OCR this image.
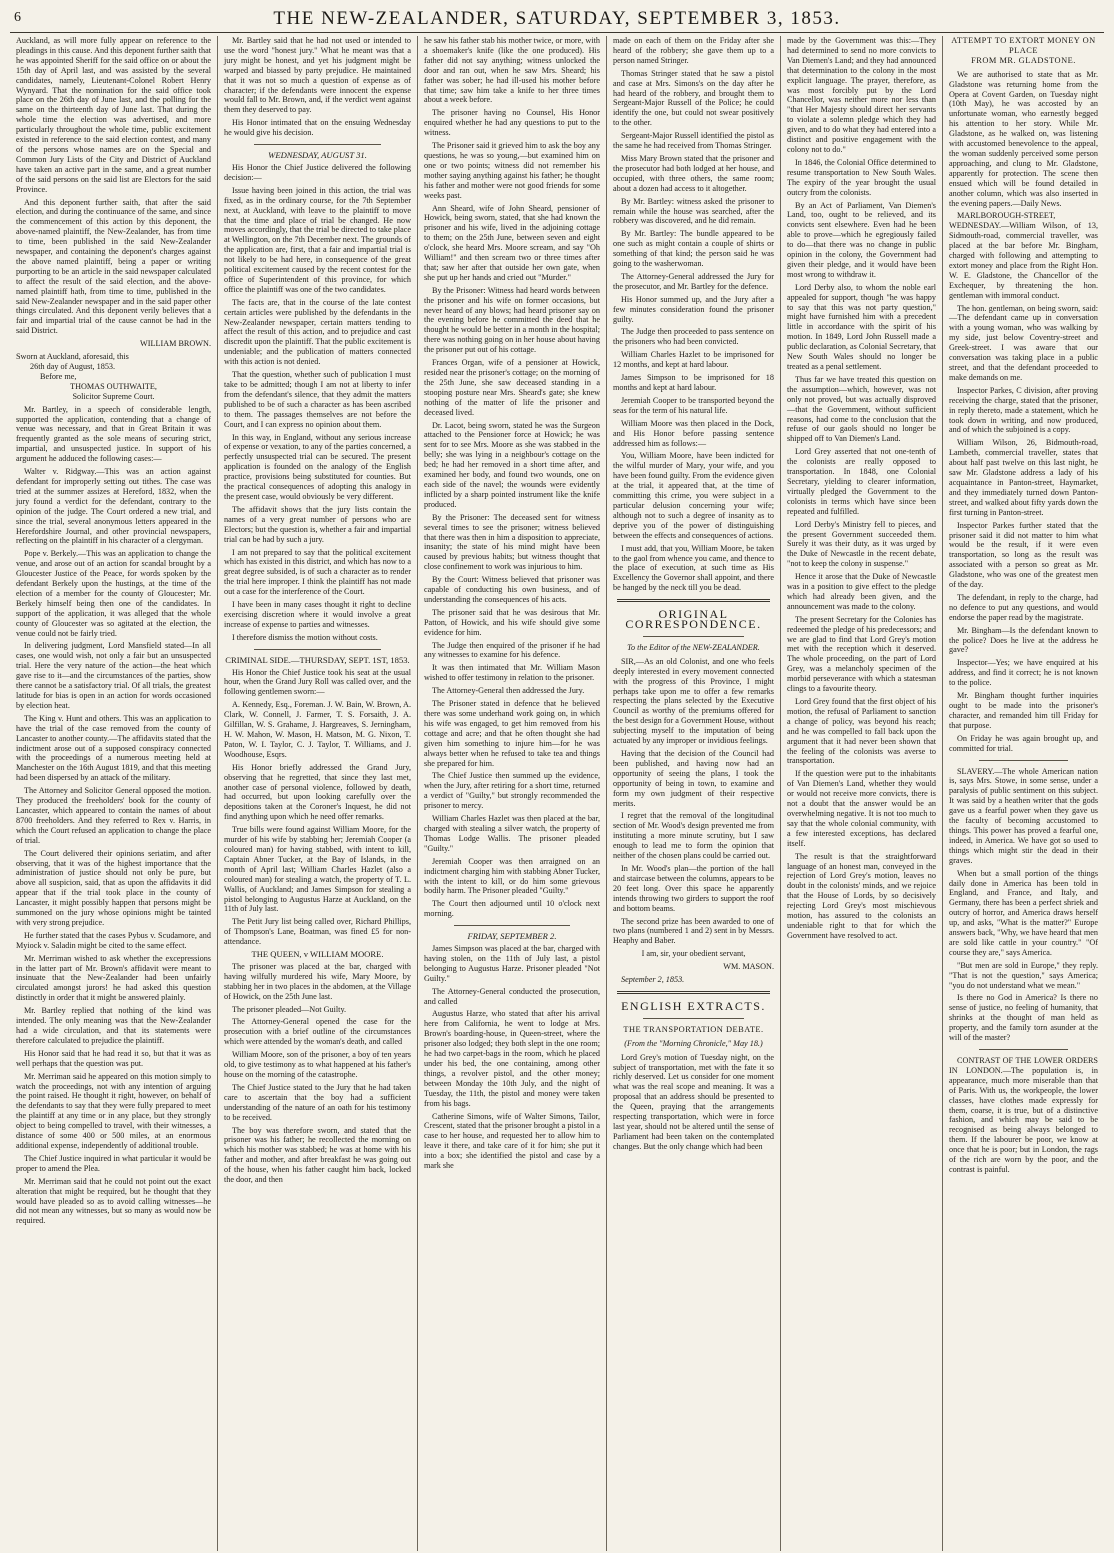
6	THE NEW-ZEALANDER, SATURDAY, SEPTEMBER 3, 1853.

Auckland, as will more fully appear on reference to the pleadings in this cause. And this deponent further saith that he was appointed Sheriff for the said office on or about the 15th day of April last, and was assisted by the several candidates, namely, Lieutenant-Colonel Robert Henry Wynyard. That the nomination for the said office took place on the 26th day of June last, and the polling for the same on the thirteenth day of June last. That during the whole time the election was advertised, and more particularly throughout the whole time, public excitement existed in reference to the said election contest, and many of the persons whose names are on the Special and Common Jury Lists of the City and District of Auckland have taken an active part in the same, and a great number of the said persons on the said list are Electors for the said Province.

And this deponent further saith, that after the said election, and during the continuance of the same, and since the commencement of this action by this deponent, the above-named plaintiff, the New-Zealander, has from time to time, been published in the said New-Zealander newspaper, and containing the deponent's charges against the above named plaintiff, being a paper or writing purporting to be an article in the said newspaper calculated to affect the result of the said election, and the above-named plaintiff hath, from time to time, published in the said New-Zealander newspaper and in the said paper other things circulated. And this deponent verily believes that a fair and impartial trial of the cause cannot be had in the said District.

WILLIAM BROWN.

Sworn at Auckland, aforesaid, this

26th day of August, 1853.

Before me,

THOMAS OUTHWAITE,

Solicitor Supreme Court.

Mr. Bartley, in a speech of considerable length, supported the application, contending that a change of venue was necessary, and that in Great Britain it was frequently granted as the sole means of securing strict, impartial, and unsuspected justice. In support of his argument he adduced the following cases:—

Walter v. Ridgway.—This was an action against defendant for improperly setting out tithes. The case was tried at the summer assizes at Hereford, 1832, when the jury found a verdict for the defendant, contrary to the opinion of the judge. The Court ordered a new trial, and since the trial, several anonymous letters appeared in the Herefordshire Journal, and other provincial newspapers, reflecting on the plaintiff in his character of a clergyman.

Pope v. Berkely.—This was an application to change the venue, and arose out of an action for scandal brought by a Gloucester Justice of the Peace, for words spoken by the defendant Berkely upon the hustings, at the time of the election of a member for the county of Gloucester; Mr. Berkely himself being then one of the candidates. In support of the application, it was alleged that the whole county of Gloucester was so agitated at the election, the venue could not be fairly tried.

In delivering judgment, Lord Mansfield stated—In all cases, one would wish, not only a fair but an unsuspected trial. Here the very nature of the action—the heat which gave rise to it—and the circumstances of the parties, show there cannot be a satisfactory trial. Of all trials, the greatest latitude for bias is open in an action for words occasioned by election heat.

The King v. Hunt and others. This was an application to have the trial of the case removed from the county of Lancaster to another county.—The affidavits stated that the indictment arose out of a supposed conspiracy connected with the proceedings of a numerous meeting held at Manchester on the 16th August 1819, and that this meeting had been dispersed by an attack of the military.

The Attorney and Solicitor General opposed the motion. They produced the freeholders' book for the county of Lancaster, which appeared to contain the names of about 8700 freeholders. And they referred to Rex v. Harris, in which the Court refused an application to change the place of trial.

The Court delivered their opinions seriatim, and after observing, that it was of the highest importance that the administration of justice should not only be pure, but above all suspicion, said, that as upon the affidavits it did appear that if the trial took place in the county of Lancaster, it might possibly happen that persons might be summoned on the jury whose opinions might be tainted with very strong prejudice.

He further stated that the cases Pybus v. Scudamore, and Myiock v. Saladin might be cited to the same effect.

Mr. Merriman wished to ask whether the excepressions in the latter part of Mr. Brown's affidavit were meant to insinuate that the New-Zealander had been unfairly circulated amongst jurors! he had asked this question distinctly in order that it might be answered plainly.

Mr. Bartley replied that nothing of the kind was intended. The only meaning was that the New-Zealander had a wide circulation, and that its statements were therefore calculated to prejudice the plaintiff.

His Honor said that he had read it so, but that it was as well perhaps that the question was put.

Mr. Merriman said he appeared on this motion simply to watch the proceedings, not with any intention of arguing the point raised. He thought it right, however, on behalf of the defendants to say that they were fully prepared to meet the plaintiff at any time or in any place, but they strongly object to being compelled to travel, with their witnesses, a distance of some 400 or 500 miles, at an enormous additional expense, independently of additional trouble.

The Chief Justice inquired in what particular it would be proper to amend the Plea.

Mr. Merriman said that he could not point out the exact alteration that might be required, but he thought that they would have pleaded so as to avoid calling witnesses—he did not mean any witnesses, but so many as would now be required.

Mr. Bartley said that he had not used or intended to use the word "honest jury." What he meant was that a jury might be honest, and yet his judgment might be warped and biassed by party prejudice. He maintained that it was not so much a question of expense as of character; if the defendants were innocent the expense would fall to Mr. Brown, and, if the verdict went against them they deserved to pay.

His Honor intimated that on the ensuing Wednesday he would give his decision.

WEDNESDAY, AUGUST 31.

His Honor the Chief Justice delivered the following decision:—

Issue having been joined in this action, the trial was fixed, as in the ordinary course, for the 7th September next, at Auckland, with leave to the plaintiff to move that the time and place of trial be changed. He now moves accordingly, that the trial be directed to take place at Wellington, on the 7th December next. The grounds of the application are, first, that a fair and impartial trial is not likely to be had here, in consequence of the great political excitement caused by the recent contest for the office of Superintendent of this province, for which office the plaintiff was one of the two candidates.

The facts are, that in the course of the late contest certain articles were published by the defendants in the New-Zealander newspaper, certain matters tending to affect the result of this action, and to prejudice and cast discredit upon the plaintiff. That the public excitement is undeniable; and the publication of matters connected with this action is not denied.

That the question, whether such of publication I must take to be admitted; though I am not at liberty to infer from the defendant's silence, that they admit the matters published to be of such a character as has been ascribed to them. The passages themselves are not before the Court, and I can express no opinion about them.

In this way, in England, without any serious increase of expense or vexation, to any of the parties concerned, a perfectly unsuspected trial can be secured. The present application is founded on the analogy of the English practice, provisions being substituted for counties. But the practical consequences of adopting this analogy in the present case, would obviously be very different.

The affidavit shows that the jury lists contain the names of a very great number of persons who are Electors; but the question is, whether a fair and impartial trial can be had by such a jury.

I am not prepared to say that the political excitement which has existed in this district, and which has now to a great degree subsided, is of such a character as to render the trial here improper. I think the plaintiff has not made out a case for the interference of the Court.

I have been in many cases thought it right to decline exercising discretion where it would involve a great increase of expense to parties and witnesses.

I therefore dismiss the motion without costs.

CRIMINAL SIDE.—THURSDAY, SEPT. 1ST, 1853.

His Honor the Chief Justice took his seat at the usual hour, when the Grand Jury Roll was called over, and the following gentlemen sworn:—

A. Kennedy, Esq., Foreman. J. W. Bain, W. Brown, A. Clark, W. Connell, J. Farmer, T. S. Forsaith, J. A. Gilfillan, W. S. Grahame, J. Hargreaves, S. Jerningham, H. W. Mahon, W. Mason, H. Matson, M. G. Nixon, T. Paton, W. I. Taylor, C. J. Taylor, T. Williams, and J. Woodhouse, Esqrs.

His Honor briefly addressed the Grand Jury, observing that he regretted, that since they last met, another case of personal violence, followed by death, had occurred, but upon looking carefully over the depositions taken at the Coroner's Inquest, he did not find anything upon which he need offer remarks.

True bills were found against William Moore, for the murder of his wife by stabbing her; Jeremiah Cooper (a coloured man) for having stabbed, with intent to kill, Captain Abner Tucker, at the Bay of Islands, in the month of April last; William Charles Hazlet (also a coloured man) for stealing a watch, the property of T. L. Wallis, of Auckland; and James Simpson for stealing a pistol belonging to Augustus Harze at Auckland, on the 11th of July last.

The Petit Jury list being called over, Richard Phillips, of Thompson's Lane, Boatman, was fined £5 for non-attendance.

THE QUEEN, v WILLIAM MOORE.

The prisoner was placed at the bar, charged with having wilfully murdered his wife, Mary Moore, by stabbing her in two places in the abdomen, at the Village of Howick, on the 25th June last.

The prisoner pleaded—Not Guilty.

The Attorney-General opened the case for the prosecution with a brief outline of the circumstances which were attended by the woman's death, and called

William Moore, son of the prisoner, a boy of ten years old, to give testimony as to what happened at his father's house on the morning of the catastrophe.

The Chief Justice stated to the Jury that he had taken care to ascertain that the boy had a sufficient understanding of the nature of an oath for his testimony to be received.

The boy was therefore sworn, and stated that the prisoner was his father; he recollected the morning on which his mother was stabbed; he was at home with his father and mother, and after breakfast he was going out of the house, when his father caught him back, locked the door, and then

he saw his father stab his mother twice, or more, with a shoemaker's knife (like the one produced). His father did not say anything; witness unlocked the door and ran out, when he saw Mrs. Sheard; his father was sober; he had ill-used his mother before that time; saw him take a knife to her three times about a week before.

The prisoner having no Counsel, His Honor enquired whether he had any questions to put to the witness.

The Prisoner said it grieved him to ask the boy any questions, he was so young,—but examined him on one or two points; witness did not remember his mother saying anything against his father; he thought his father and mother were not good friends for some weeks past.

Ann Sheard, wife of John Sheard, pensioner of Howick, being sworn, stated, that she had known the prisoner and his wife, lived in the adjoining cottage to them; on the 25th June, between seven and eight o'clock, she heard Mrs. Moore scream, and say "Oh William!" and then scream two or three times after that; saw her after that outside her own gate, when she put up her hands and cried out "Murder."

By the Prisoner: Witness had heard words between the prisoner and his wife on former occasions, but never heard of any blows; had heard prisoner say on the evening before he committed the deed that he thought he would be better in a month in the hospital; there was nothing going on in her house about having the prisoner put out of his cottage.

Frances Organ, wife of a pensioner at Howick, resided near the prisoner's cottage; on the morning of the 25th June, she saw deceased standing in a stooping posture near Mrs. Sheard's gate; she knew nothing of the matter of life the prisoner and deceased lived.

Dr. Lacot, being sworn, stated he was the Surgeon attached to the Pensioner force at Howick; he was sent for to see Mrs. Moore as she was stabbed in the belly; she was lying in a neighbour's cottage on the bed; he had her removed in a short time after, and examined her body, and found two wounds, one on each side of the navel; the wounds were evidently inflicted by a sharp pointed instrument like the knife produced.

By the Prisoner: The deceased sent for witness several times to see the prisoner; witness believed that there was then in him a disposition to appreciate, insanity; the state of his mind might have been caused by previous habits; but witness thought that close confinement to work was injurious to him.

By the Court: Witness believed that prisoner was capable of conducting his own business, and of understanding the consequences of his acts.

The prisoner said that he was desirous that Mr. Patton, of Howick, and his wife should give some evidence for him.

The Judge then enquired of the prisoner if he had any witnesses to examine for his defence.

It was then intimated that Mr. William Mason wished to offer testimony in relation to the prisoner.

The Attorney-General then addressed the Jury.

The Prisoner stated in defence that he believed there was some underhand work going on, in which his wife was engaged, to get him removed from his cottage and acre; and that he often thought she had given him something to injure him—for he was always better when he refused to take tea and things she prepared for him.

The Chief Justice then summed up the evidence, when the Jury, after retiring for a short time, returned a verdict of "Guilty," but strongly recommended the prisoner to mercy.

William Charles Hazlet was then placed at the bar, charged with stealing a silver watch, the property of Thomas Lodge Wallis. The prisoner pleaded "Guilty."

Jeremiah Cooper was then arraigned on an indictment charging him with stabbing Abner Tucker, with the intent to kill, or do him some grievous bodily harm. The Prisoner pleaded "Guilty."

The Court then adjourned until 10 o'clock next morning.

FRIDAY, SEPTEMBER 2.

James Simpson was placed at the bar, charged with having stolen, on the 11th of July last, a pistol belonging to Augustus Harze. Prisoner pleaded "Not Guilty."

The Attorney-General conducted the prosecution, and called

Augustus Harze, who stated that after his arrival here from California, he went to lodge at Mrs. Brown's boarding-house, in Queen-street, where the prisoner also lodged; they both slept in the one room; he had two carpet-bags in the room, which he placed under his bed, the one containing, among other things, a revolver pistol, and the other money; between Monday the 10th July, and the night of Tuesday, the 11th, the pistol and money were taken from his bags.

Catherine Simons, wife of Walter Simons, Tailor, Crescent, stated that the prisoner brought a pistol in a case to her house, and requested her to allow him to leave it there, and take care of it for him; she put it into a box; she identified the pistol and case by a mark she

made on each of them on the Friday after she heard of the robbery; she gave them up to a person named Stringer.

Thomas Stringer stated that he saw a pistol and case at Mrs. Simons's on the day after he had heard of the robbery, and brought them to Sergeant-Major Russell of the Police; he could identify the one, but could not swear positively to the other.

Sergeant-Major Russell identified the pistol as the same he had received from Thomas Stringer.

Miss Mary Brown stated that the prisoner and the prosecutor had both lodged at her house, and occupied, with three others, the same room; about a dozen had access to it altogether.

By Mr. Bartley: witness asked the prisoner to remain while the house was searched, after the robbery was discovered, and he did remain.

By Mr. Bartley: The bundle appeared to be one such as might contain a couple of shirts or something of that kind; the person said he was going to the washerwoman.

The Attorney-General addressed the Jury for the prosecutor, and Mr. Bartley for the defence.

His Honor summed up, and the Jury after a few minutes consideration found the prisoner guilty.

The Judge then proceeded to pass sentence on the prisoners who had been convicted.

William Charles Hazlet to be imprisoned for 12 months, and kept at hard labour.

James Simpson to be imprisoned for 18 months and kept at hard labour.

Jeremiah Cooper to be transported beyond the seas for the term of his natural life.

William Moore was then placed in the Dock, and His Honor before passing sentence addressed him as follows:—

You, William Moore, have been indicted for the wilful murder of Mary, your wife, and you have been found guilty. From the evidence given at the trial, it appeared that, at the time of committing this crime, you were subject in a particular delusion concerning your wife; although not to such a degree of insanity as to deprive you of the power of distinguishing between the effects and consequences of actions.

I must add, that you, William Moore, be taken to the gaol from whence you came, and thence to the place of execution, at such time as His Excellency the Governor shall appoint, and there be hanged by the neck till you be dead.

ORIGINAL CORRESPONDENCE.

To the Editor of the NEW-ZEALANDER.

SIR,—As an old Colonist, and one who feels deeply interested in every movement connected with the progress of this Province, I might perhaps take upon me to offer a few remarks respecting the plans selected by the Executive Council as worthy of the premiums offered for the best design for a Government House, without subjecting myself to the imputation of being actuated by any improper or invidious feelings.

Having that the decision of the Council had been published, and having now had an opportunity of seeing the plans, I took the opportunity of being in town, to examine and form my own judgment of their respective merits.

I regret that the removal of the longitudinal section of Mr. Wood's design prevented me from instituting a more minute scrutiny, but I saw enough to lead me to form the opinion that neither of the chosen plans could be carried out.

In Mr. Wood's plan—the portion of the hall and staircase between the columns, appears to be 20 feet long. Over this space he apparently intends throwing two girders to support the roof and bottom beams.

The second prize has been awarded to one of two plans (numbered 1 and 2) sent in by Messrs. Heaphy and Baber.

I am, sir, your obedient servant,

WM. MASON.

September 2, 1853.

ENGLISH EXTRACTS.

THE TRANSPORTATION DEBATE.

(From the "Morning Chronicle," May 18.)

Lord Grey's motion of Tuesday night, on the subject of transportation, met with the fate it so richly deserved. Let us consider for one moment what was the real scope and meaning. It was a proposal that an address should be presented to the Queen, praying that the arrangements respecting transportation, which were in force last year, should not be altered until the sense of Parliament had been taken on the contemplated changes. But the only change which had been

made by the Government was this:—They had determined to send no more convicts to Van Diemen's Land; and they had announced that determination to the colony in the most explicit language. The prayer, therefore, as was most forcibly put by the Lord Chancellor, was neither more nor less than "that Her Majesty should direct her servants to violate a solemn pledge which they had given, and to do what they had entered into a distinct and positive engagement with the colony not to do."

In 1846, the Colonial Office determined to resume transportation to New South Wales. The expiry of the year brought the usual outcry from the colonists.

By an Act of Parliament, Van Diemen's Land, too, ought to be relieved, and its convicts sent elsewhere. Even had he been able to prove—which he egregiously failed to do—that there was no change in public opinion in the colony, the Government had given their pledge, and it would have been most wrong to withdraw it.

Lord Derby also, to whom the noble earl appealed for support, though "he was happy to say that this was not party question," might have furnished him with a precedent little in accordance with the spirit of his motion. In 1849, Lord John Russell made a public declaration, as Colonial Secretary, that New South Wales should no longer be treated as a penal settlement.

Thus far we have treated this question on the assumption—which, however, was not only not proved, but was actually disproved—that the Government, without sufficient reasons, had come to the conclusion that the refuse of our gaols should no longer be shipped off to Van Diemen's Land.

Lord Grey asserted that not one-tenth of the colonists are really opposed to transportation. In 1848, one Colonial Secretary, yielding to clearer information, virtually pledged the Government to the colonists in terms which have since been repeated and fulfilled.

Lord Derby's Ministry fell to pieces, and the present Government succeeded them. Surely it was their duty, as it was urged by the Duke of Newcastle in the recent debate, "not to keep the colony in suspense."

Hence it arose that the Duke of Newcastle was in a position to give effect to the pledge which had already been given, and the announcement was made to the colony.

The present Secretary for the Colonies has redeemed the pledge of his predecessors; and we are glad to find that Lord Grey's motion met with the reception which it deserved. The whole proceeding, on the part of Lord Grey, was a melancholy specimen of the morbid perseverance with which a statesman clings to a favourite theory.

Lord Grey found that the first object of his motion, the refusal of Parliament to sanction a change of policy, was beyond his reach; and he was compelled to fall back upon the argument that it had never been shown that the feeling of the colonists was averse to transportation.

If the question were put to the inhabitants of Van Diemen's Land, whether they would or would not receive more convicts, there is not a doubt that the answer would be an overwhelming negative. It is not too much to say that the whole colonial community, with a few interested exceptions, has declared itself.

The result is that the straightforward language of an honest man, conveyed in the rejection of Lord Grey's motion, leaves no doubt in the colonists' minds, and we rejoice that the House of Lords, by so decisively rejecting Lord Grey's most mischievous motion, has assured to the colonists an undeniable right to that for which the Government have resolved to act.

ATTEMPT TO EXTORT MONEY ON PLACE

FROM MR. GLADSTONE.

We are authorised to state that as Mr. Gladstone was returning home from the Opera at Covent Garden, on Tuesday night (10th May), he was accosted by an unfortunate woman, who earnestly begged his attention to her story. While Mr. Gladstone, as he walked on, was listening with accustomed benevolence to the appeal, the woman suddenly perceived some person approaching, and clung to Mr. Gladstone, apparently for protection. The scene then ensued which will be found detailed in another column, which was also inserted in the evening papers.—Daily News.

MARLBOROUGH-STREET, WEDNESDAY.—William Wilson, of 13, Sidmouth-road, commercial traveller, was placed at the bar before Mr. Bingham, charged with following and attempting to extort money and place from the Right Hon. W. E. Gladstone, the Chancellor of the Exchequer, by threatening the hon. gentleman with immoral conduct.

The hon. gentleman, on being sworn, said:—The defendant came up in conversation with a young woman, who was walking by my side, just below Coventry-street and Greek-street. I was aware that our conversation was taking place in a public street, and that the defendant proceeded to make demands on me.

Inspector Parkes, C division, after proving receiving the charge, stated that the prisoner, in reply thereto, made a statement, which he took down in writing, and now produced, and of which the subjoined is a copy.

William Wilson, 26, Bidmouth-road, Lambeth, commercial traveller, states that about half past twelve on this last night, he saw Mr. Gladstone address a lady of his acquaintance in Panton-street, Haymarket, and they immediately turned down Panton-street, and walked about fifty yards down the first turning in Panton-street.

Inspector Parkes further stated that the prisoner said it did not matter to him what would be the result, if it were even transportation, so long as the result was associated with a person so great as Mr. Gladstone, who was one of the greatest men of the day.

The defendant, in reply to the charge, had no defence to put any questions, and would endorse the paper read by the magistrate.

Mr. Bingham—Is the defendant known to the police? Does he live at the address he gave?

Inspector—Yes; we have enquired at his address, and find it correct; he is not known to the police.

Mr. Bingham thought further inquiries ought to be made into the prisoner's character, and remanded him till Friday for that purpose.

On Friday he was again brought up, and committed for trial.

SLAVERY.—The whole American nation is, says Mrs. Stowe, in some sense, under a paralysis of public sentiment on this subject. It was said by a heathen writer that the gods gave us a fearful power when they gave us the faculty of becoming accustomed to things. This power has proved a fearful one, indeed, in America. We have got so used to things which might stir the dead in their graves.

When but a small portion of the things daily done in America has been told in England, and France, and Italy, and Germany, there has been a perfect shriek and outcry of horror, and America draws herself up, and asks, "What is the matter?" Europe answers back, "Why, we have heard that men are sold like cattle in your country." "Of course they are," says America.

"But men are sold in Europe," they reply. "That is not the question," says America; "you do not understand what we mean."

Is there no God in America? Is there no sense of justice, no feeling of humanity, that shrinks at the thought of man held as property, and the family torn asunder at the will of the master?

CONTRAST OF THE LOWER ORDERS IN LONDON.—The population is, in appearance, much more miserable than that of Paris. With us, the workpeople, the lower classes, have clothes made expressly for them, coarse, it is true, but of a distinctive fashion, and which may be said to be recognised as being always belonged to them. If the labourer be poor, we know at once that he is poor; but in London, the rags of the rich are worn by the poor, and the contrast is painful.
